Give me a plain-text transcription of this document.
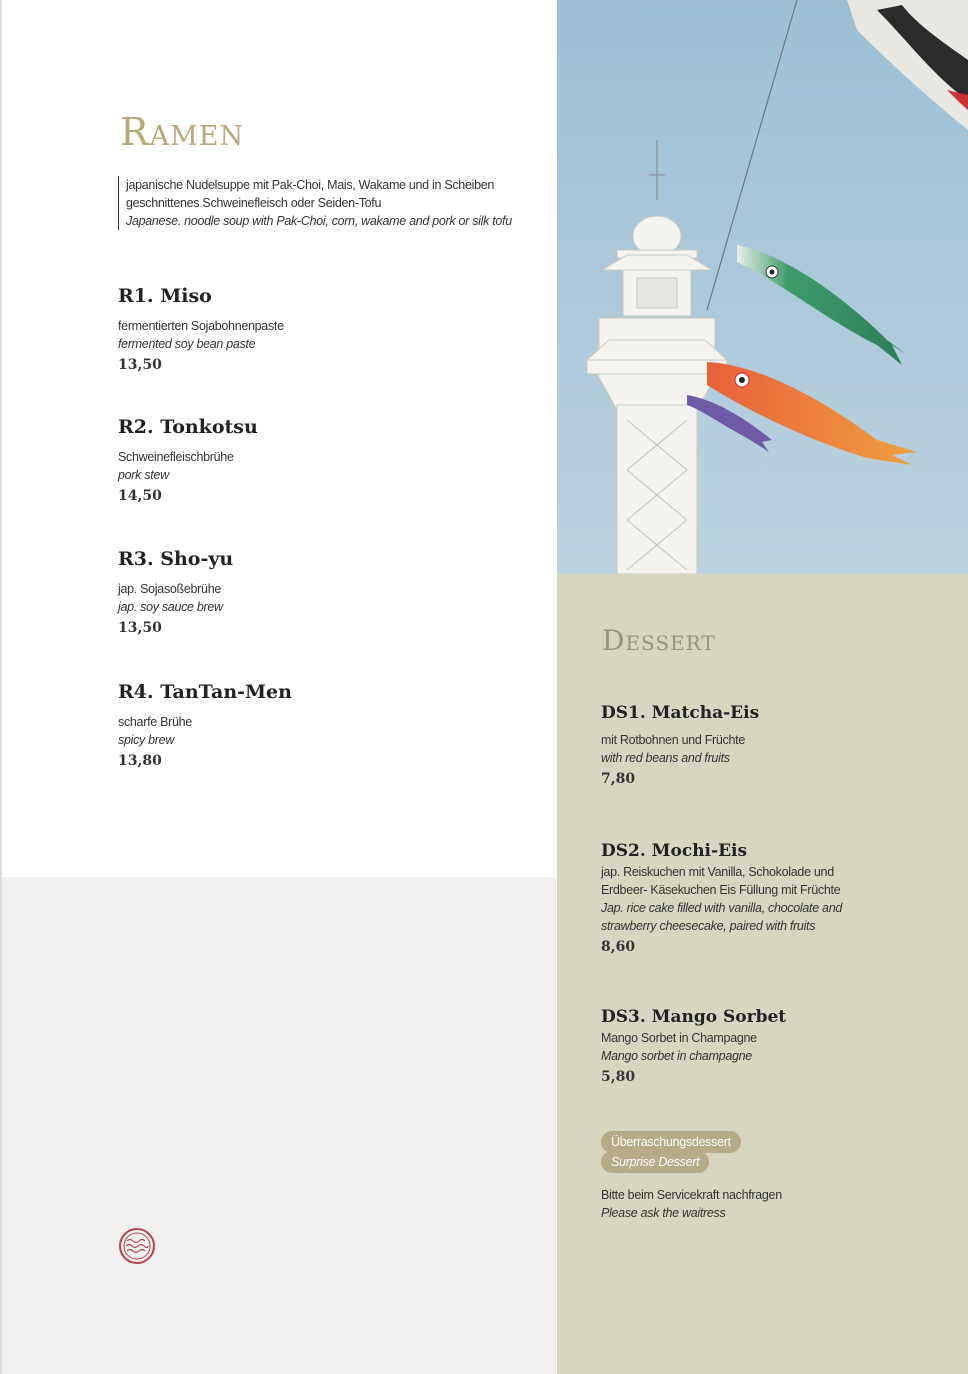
Ramen
japanische Nudelsuppe mit Pak-Choi, Mais, Wakame und in Scheiben
geschnittenes Schweinefleisch oder Seiden-Tofu
Japanese. noodle soup with Pak-Choi, corn, wakame and pork or silk tofu
R1. Miso
fermentierten Sojabohnenpaste
fermented soy bean paste
13,50
R2. Tonkotsu
Schweinefleischbrühe
pork stew
14,50
R3. Sho-yu
jap. Sojasoßebrühe
jap. soy sauce brew
13,50
R4. TanTan-Men
scharfe Brühe
spicy brew
13,80
Dessert
DS1. Matcha-Eis
mit Rotbohnen und Früchte
with red beans and fruits
7,80
DS2. Mochi-Eis
jap. Reiskuchen mit Vanilla, Schokolade und Erdbeer- Käsekuchen Eis Füllung mit Früchte
Jap. rice cake filled with vanilla, chocolate and strawberry cheesecake, paired with fruits
8,60
DS3. Mango Sorbet
Mango Sorbet in Champagne
Mango sorbet in champagne
5,80
Überraschungsdessert
Surprise Dessert
Bitte beim Servicekraft nachfragen
Please ask the waitress
